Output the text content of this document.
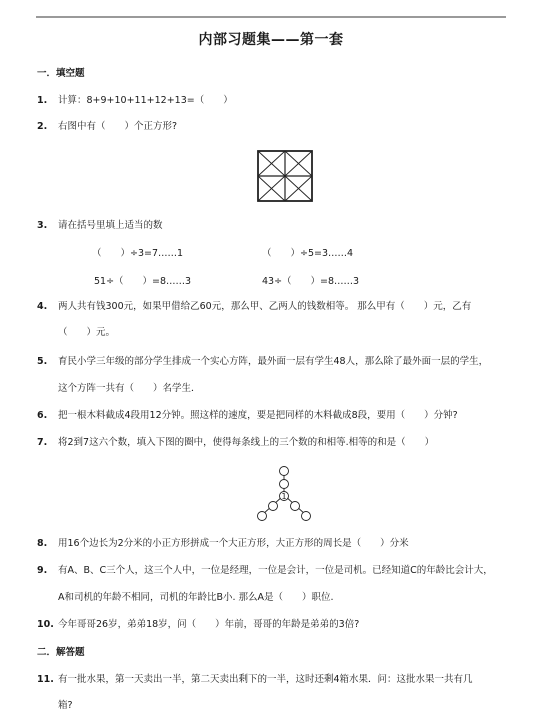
内部习题集——第一套
一．填空题
1. 计算：8+9+10+11+12+13=（　　）
2. 右图中有（　　）个正方形?
3. 请在括号里填上适当的数
（　　）÷3=7……1	（　　）÷5=3……4
51÷（　　）=8……3	43÷（　　）=8……3
4. 两人共有钱300元，如果甲借给乙60元，那么甲、乙两人的钱数相等。 那么甲有（　　）元，乙有
（　　）元。
5. 育民小学三年级的部分学生排成一个实心方阵，最外面一层有学生48人，那么除了最外面一层的学生，
这个方阵一共有（　　）名学生．
6. 把一根木料截成4段用12分钟。照这样的速度，要是把同样的木料截成8段，要用（　　）分钟?
7. 将2到7这六个数，填入下图的圈中，使得每条线上的三个数的和相等.相等的和是（　　）
1
8. 用16个边长为2分米的小正方形拼成一个大正方形，大正方形的周长是（　　）分米
9. 有A、B、C三个人，这三个人中，一位是经理，一位是会计，一位是司机。已经知道C的年龄比会计大，
A和司机的年龄不相同，司机的年龄比B小. 那么A是（　　）职位.
10. 今年哥哥26岁，弟弟18岁，问（　　）年前，哥哥的年龄是弟弟的3倍?
二．解答题
11. 有一批水果，第一天卖出一半，第二天卖出剩下的一半，这时还剩4箱水果．问：这批水果一共有几
箱?
